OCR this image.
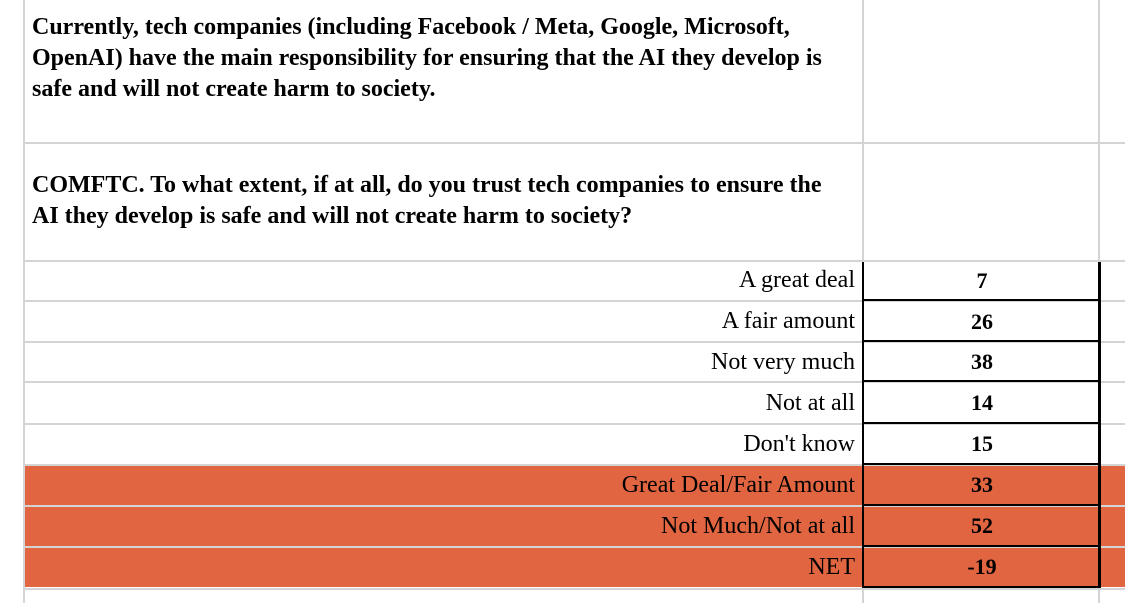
Currently, tech companies (including Facebook / Meta, Google, Microsoft, OpenAI) have the main responsibility for ensuring that the AI they develop is safe and will not create harm to society.

COMFTC. To what extent, if at all, do you trust tech companies to ensure the AI they develop is safe and will not create harm to society?

A great deal
A fair amount
Not very much
Not at all
Don't know
Great Deal/Fair Amount
Not Much/Not at all
NET
7
26
38
14
15
33
52
-19
